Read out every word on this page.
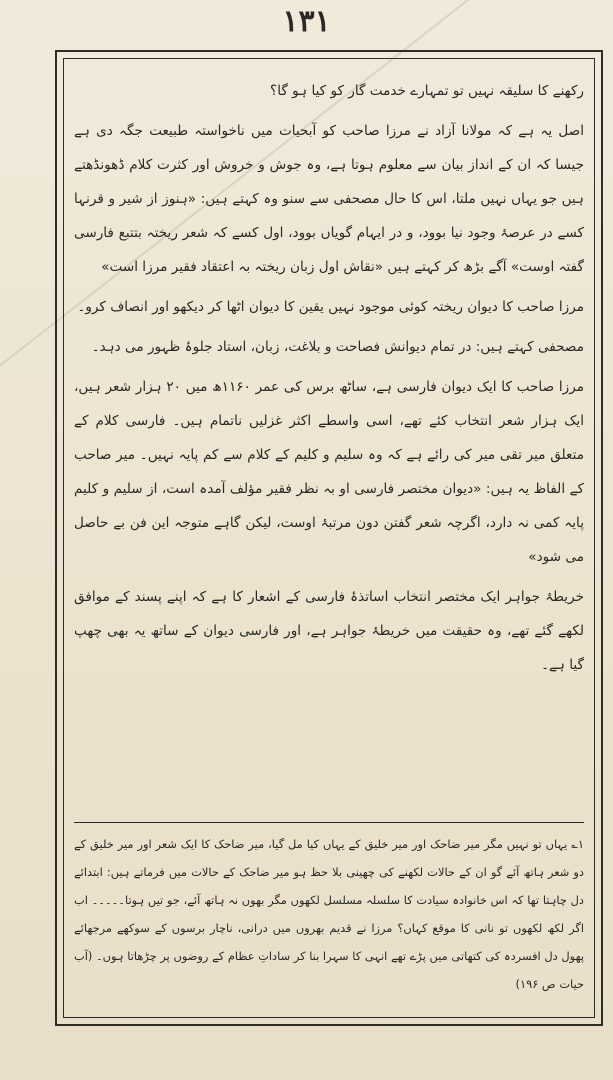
۱۳۱

رکھنے کا سلیقہ نہیں تو تمہارے خدمت گار کو کیا ہو گا؟

اصل یہ ہے کہ مولانا آزاد نے مرزا صاحب کو آبحیات میں ناخواستہ طبیعت جگہ دی ہے جیسا کہ ان کے انداز بیان سے معلوم ہوتا ہے، وہ جوش و خروش اور کثرت کلام ڈھونڈھتے ہیں جو یہاں نہیں ملتا، اس کا حال مصحفی سے سنو وہ کہتے ہیں: «ہنوز از شیر و قرنہا کسے در عرصۂ وجود نیا بوود، و در ایہام گویاں بوود، اول کسے کہ شعر ریختہ بتتبع فارسی گفتہ اوست» آگے بڑھ کر کہتے ہیں «نقاش اول زبان ریختہ بہ اعتقاد فقیر مرزا است»

مرزا صاحب کا دیوان ریختہ کوئی موجود نہیں یقین کا دیوان اٹھا کر دیکھو اور انصاف کرو۔

مصحفی کہتے ہیں: در تمام دیوانش فصاحت و بلاغت، زبان، استاد جلوۂ ظہور می دہد۔

مرزا صاحب کا ایک دیوان فارسی ہے، ساٹھ برس کی عمر ۱۱۶۰ھ میں ۲۰ ہزار شعر ہیں، ایک ہزار شعر انتخاب کئے تھے، اسی واسطے اکثر غزلیں ناتمام ہیں۔ فارسی کلام کے متعلق میر تقی میر کی رائے ہے کہ وہ سلیم و کلیم کے کلام سے کم پایہ نہیں۔ میر صاحب کے الفاظ یہ ہیں: «دیوان مختصر فارسی او بہ نظر فقیر مؤلف آمدہ است، از سلیم و کلیم پایہ کمی نہ دارد، اگرچہ شعر گفتن دون مرتبۂ اوست، لیکن گاہے متوجہ این فن بے حاصل می شود»

خریطۂ جواہر ایک مختصر انتخاب اساتذۂ فارسی کے اشعار کا ہے کہ اپنے پسند کے موافق لکھے گئے تھے، وہ حقیقت میں خریطۂ جواہر ہے، اور فارسی دیوان کے ساتھ یہ بھی چھپ گیا ہے۔

۱؎ یہاں تو نہیں مگر میر ضاحک اور میر خلیق کے یہاں کیا مل گیا، میر ضاحک کا ایک شعر اور میر خلیق کے دو شعر ہاتھ آئے گو ان کے حالات لکھنے کی چھینی بلا حظ ہو میر ضاحک کے حالات میں فرماتے ہیں: ابتدائے دل چاہتا تھا کہ اس خانوادہ سیادت کا سلسلہ مسلسل لکھوں مگر بھوں نہ ہاتھ آئے، جو تیں ہوتا۔۔۔۔۔ اب اگر لکھ لکھوں تو نانی کا موقع کہاں؟ مرزا نے قدیم بھروں میں درانی، ناچار برسوں کے سوکھے مرجھائے پھول دل افسردہ کی کتھاتی میں پڑے تھے انہی کا سہرا بنا کر ساداتِ عظام کے روضوں پر چڑھاتا ہوں۔ (آب حیات ص ۱۹۶)
